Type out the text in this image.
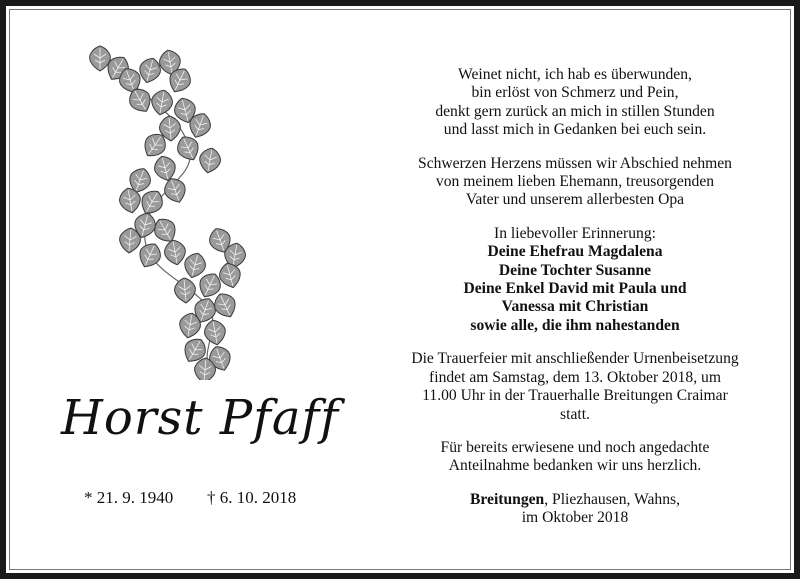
Horst Pfaff
* 21. 9. 1940 † 6. 10. 2018
Weinet nicht, ich hab es überwunden,
bin erlöst von Schmerz und Pein,
denkt gern zurück an mich in stillen Stunden
und lasst mich in Gedanken bei euch sein.
Schwerzen Herzens müssen wir Abschied nehmen
von meinem lieben Ehemann, treusorgenden
Vater und unserem allerbesten Opa
In liebevoller Erinnerung:
Deine Ehefrau Magdalena
Deine Tochter Susanne
Deine Enkel David mit Paula und
Vanessa mit Christian
sowie alle, die ihm nahestanden
Die Trauerfeier mit anschließender Urnenbeisetzung
findet am Samstag, dem 13. Oktober 2018, um
11.00 Uhr in der Trauerhalle Breitungen Craimar
statt.
Für bereits erwiesene und noch angedachte
Anteilnahme bedanken wir uns herzlich.
Breitungen, Pliezhausen, Wahns,
im Oktober 2018
